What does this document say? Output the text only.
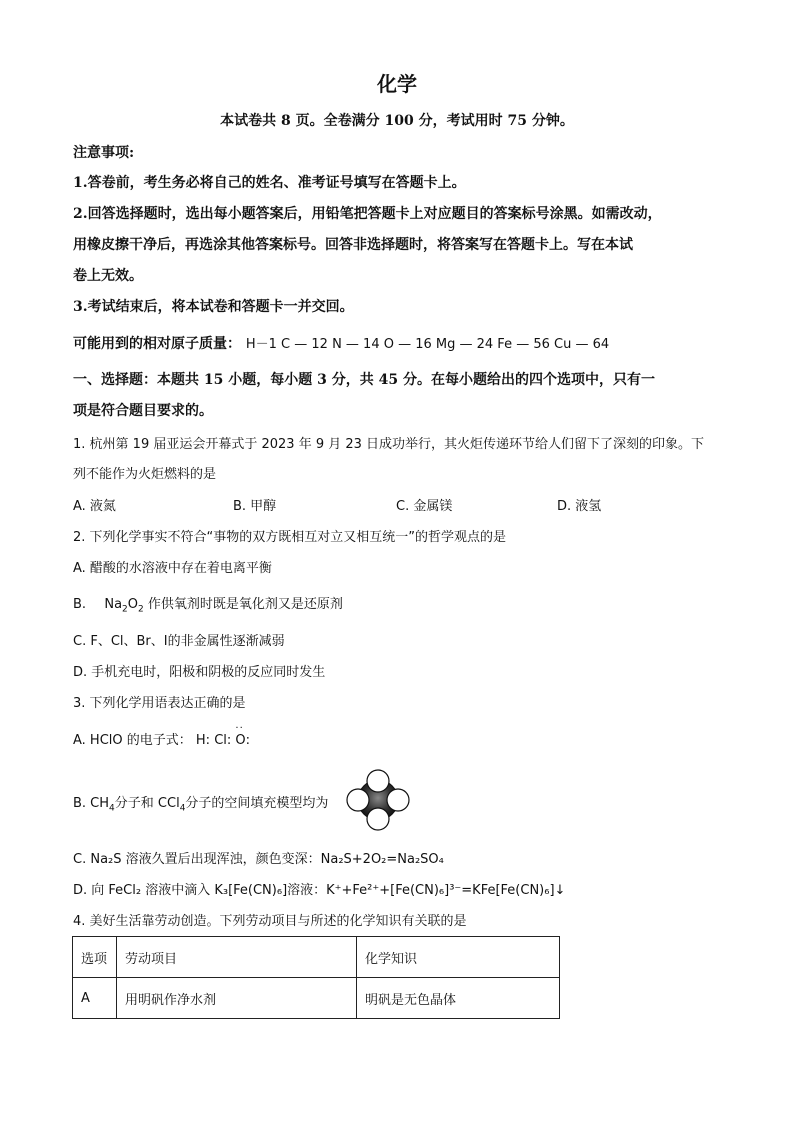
化学
本试卷共 8 页。全卷满分 100 分，考试用时 75 分钟。
注意事项:
1.答卷前，考生务必将自己的姓名、准考证号填写在答题卡上。
2.回答选择题时，选出每小题答案后，用铅笔把答题卡上对应题目的答案标号涂黑。如需改动，
用橡皮擦干净后，再选涂其他答案标号。回答非选择题时，将答案写在答题卡上。写在本试
卷上无效。
3.考试结束后，将本试卷和答题卡一并交回。
可能用到的相对原子质量： H－1 C — 12 N — 14 O — 16 Mg — 24 Fe — 56 Cu — 64
一、选择题：本题共 15 小题，每小题 3 分，共 45 分。在每小题给出的四个选项中，只有一
项是符合题目要求的。
1. 杭州第 19 届亚运会开幕式于 2023 年 9 月 23 日成功举行，其火炬传递环节给人们留下了深刻的印象。下
列不能作为火炬燃料的是
A. 液氮	B. 甲醇	C. 金属镁	D. 液氢
2. 下列化学事实不符合“事物的双方既相互对立又相互统一”的哲学观点的是
A. 醋酸的水溶液中存在着电离平衡
B. $Na_2O_2$ 作供氧剂时既是氧化剂又是还原剂
C. F、Cl、Br、I的非金属性逐渐减弱
D. 手机充电时，阳极和阴极的反应同时发生
3. 下列化学用语表达正确的是
A. HClO 的电子式： H: Cl: ·· O:
B. $CH_4$分子和 CCl$_4$分子的空间填充模型均为
C. Na₂S 溶液久置后出现浑浊，颜色变深：Na₂S+2O₂=Na₂SO₄
D. 向 FeCl₂ 溶液中滴入 K₃[Fe(CN)₆]溶液：K⁺+Fe²⁺+[Fe(CN)₆]³⁻=KFe[Fe(CN)₆]↓
4. 美好生活靠劳动创造。下列劳动项目与所述的化学知识有关联的是
选项	劳动项目	化学知识
A	用明矾作净水剂	明矾是无色晶体
